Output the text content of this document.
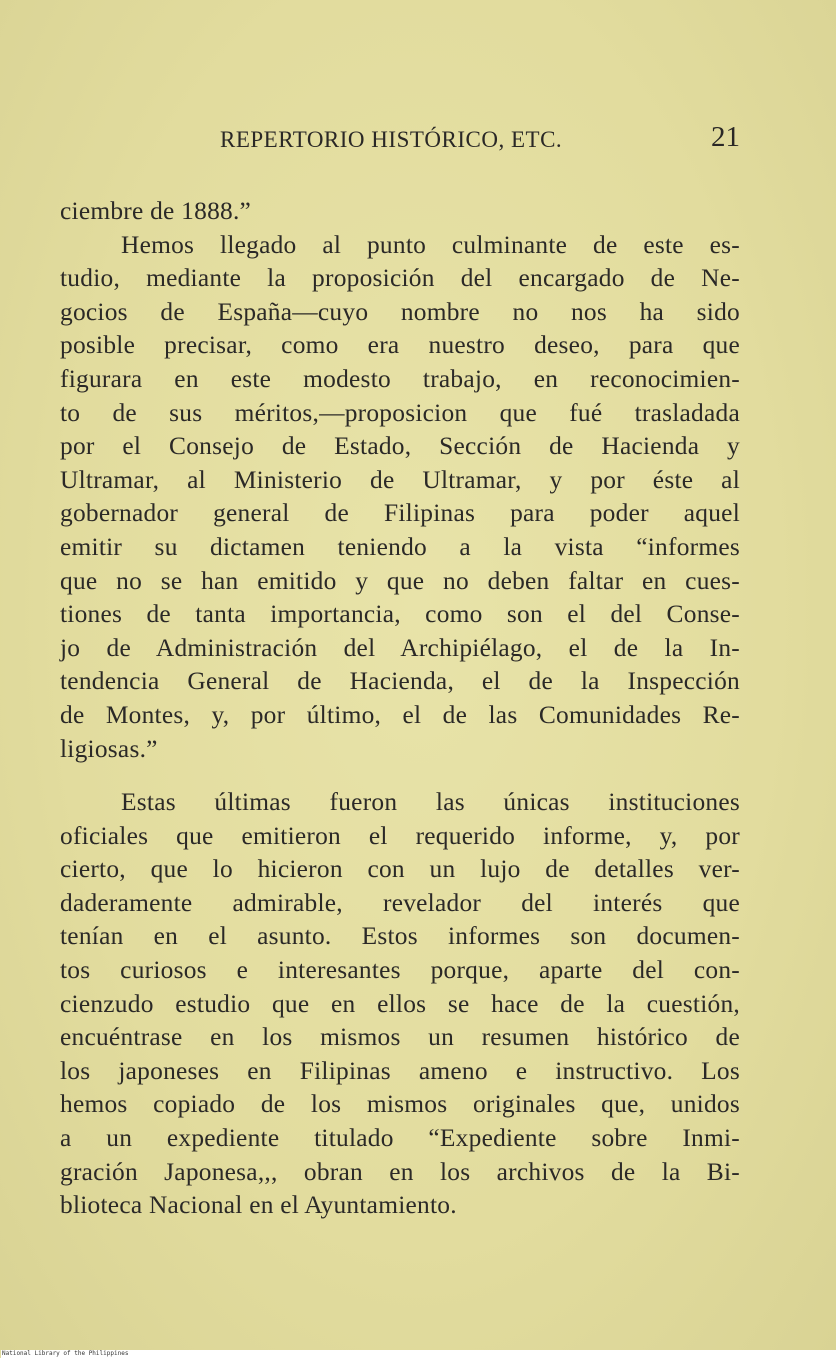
REPERTORIO HISTÓRICO, ETC.	21
ciembre de 1888.”
Hemos llegado al punto culminante de este es-
tudio, mediante la proposición del encargado de Ne-
gocios de España—cuyo nombre no nos ha sido
posible precisar, como era nuestro deseo, para que
figurara en este modesto trabajo, en reconocimien-
to de sus méritos,—proposicion que fué trasladada
por el Consejo de Estado, Sección de Hacienda y
Ultramar, al Ministerio de Ultramar, y por éste al
gobernador general de Filipinas para poder aquel
emitir su dictamen teniendo a la vista “informes
que no se han emitido y que no deben faltar en cues-
tiones de tanta importancia, como son el del Conse-
jo de Administración del Archipiélago, el de la In-
tendencia General de Hacienda, el de la Inspección
de Montes, y, por último, el de las Comunidades Re-
ligiosas.”
Estas últimas fueron las únicas instituciones
oficiales que emitieron el requerido informe, y, por
cierto, que lo hicieron con un lujo de detalles ver-
daderamente admirable, revelador del interés que
tenían en el asunto. Estos informes son documen-
tos curiosos e interesantes porque, aparte del con-
cienzudo estudio que en ellos se hace de la cuestión,
encuéntrase en los mismos un resumen histórico de
los japoneses en Filipinas ameno e instructivo. Los
hemos copiado de los mismos originales que, unidos
a un expediente titulado “Expediente sobre Inmi-
gración Japonesa,,, obran en los archivos de la Bi-
blioteca Nacional en el Ayuntamiento.
National Library of the Philippines
